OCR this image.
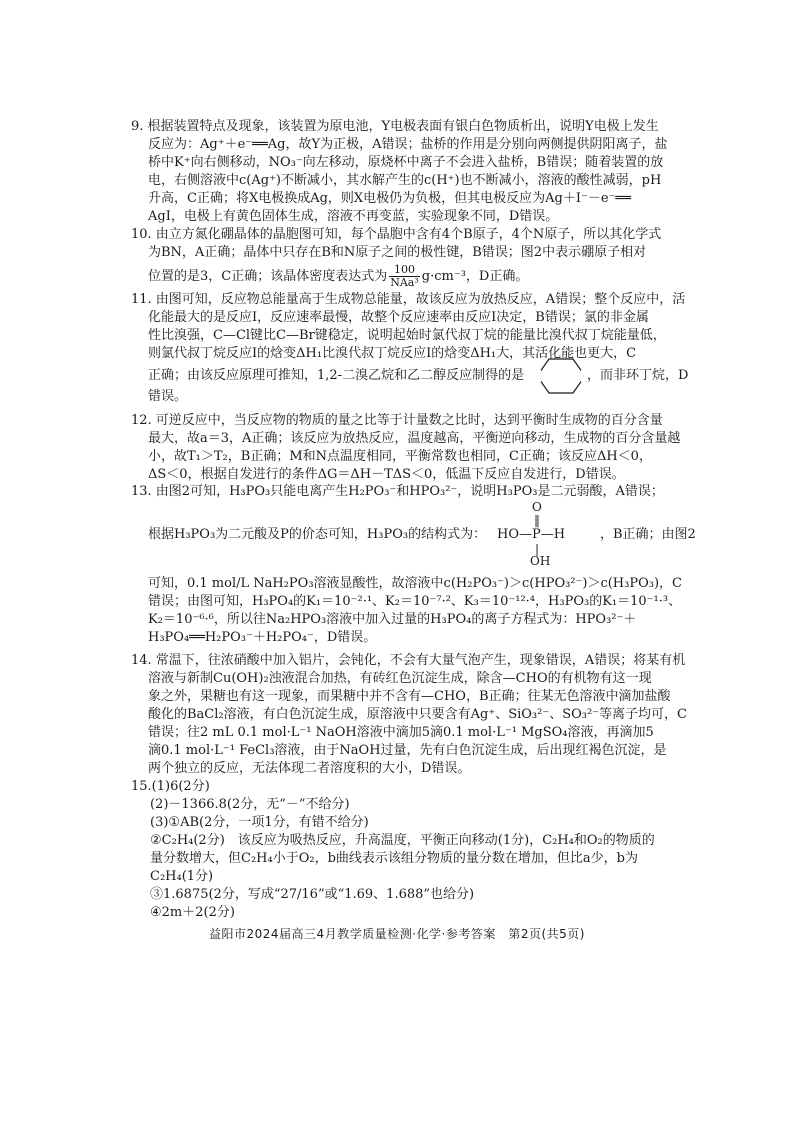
9. 根据装置特点及现象，该装置为原电池，Y电极表面有银白色物质析出，说明Y电极上发生
反应为：Ag⁺＋e⁻══Ag，故Y为正极，A错误；盐桥的作用是分别向两侧提供阴阳离子，盐
桥中K⁺向右侧移动，NO₃⁻向左移动，原烧杯中离子不会进入盐桥，B错误；随着装置的放
电，右侧溶液中c(Ag⁺)不断减小，其水解产生的c(H⁺)也不断减小，溶液的酸性减弱，pH
升高，C正确；将X电极换成Ag，则X电极仍为负极，但其电极反应为Ag＋I⁻－e⁻══
AgI，电极上有黄色固体生成，溶液不再变蓝，实验现象不同，D错误。
10. 由立方氮化硼晶体的晶胞图可知，每个晶胞中含有4个B原子，4个N原子，所以其化学式
为BN，A正确；晶体中只存在B和N原子之间的极性键，B错误；图2中表示硼原子相对
位置的是3，C正确；该晶体密度表达式为 $\frac{100}{\text{NAa³}} g\cdot cm^{-3}$，D正确。
11. 由图可知，反应物总能量高于生成物总能量，故该反应为放热反应，A错误；整个反应中，活
化能最大的是反应Ⅰ，反应速率最慢，故整个反应速率由反应Ⅰ决定，B错误；氯的非金属
性比溴强，C—Cl键比C—Br键稳定，说明起始时氯代叔丁烷的能量比溴代叔丁烷能量低，
则氯代叔丁烷反应Ⅰ的焓变ΔH₁比溴代叔丁烷反应Ⅰ的焓变ΔH₁大，其活化能也更大，C
正确；由该反应原理可推知，1,2-二溴乙烷和乙二醇反应制得的是	，而非环丁烷，D
错误。
12. 可逆反应中，当反应物的物质的量之比等于计量数之比时，达到平衡时生成物的百分含量
最大，故a＝3，A正确；该反应为放热反应，温度越高，平衡逆向移动，生成物的百分含量越
小，故T₁＞T₂，B正确；M和N点温度相同，平衡常数也相同，C正确；该反应ΔH＜0，
ΔS＜0，根据自发进行的条件ΔG＝ΔH－TΔS＜0，低温下反应自发进行，D错误。
13. 由图2可知，H₃PO₃只能电离产生H₂PO₃⁻和HPO₃²⁻，说明H₃PO₃是二元弱酸，A错误；
O
‖
根据H₃PO₃为二元酸及P的价态可知，H₃PO₃的结构式为： HO—P—H	，B正确；由图2
|
OH
可知，0.1 mol/L NaH₂PO₃溶液显酸性，故溶液中c(H₂PO₃⁻)＞c(HPO₃²⁻)＞c(H₃PO₃)，C
错误；由图可知，H₃PO₄的K₁＝10⁻²·¹、K₂＝10⁻⁷·²、K₃＝10⁻¹²·⁴，H₃PO₃的K₁＝10⁻¹·³、
K₂＝10⁻⁶·⁶，所以往Na₂HPO₃溶液中加入过量的H₃PO₄的离子方程式为：HPO₃²⁻＋
H₃PO₄══H₂PO₃⁻＋H₂PO₄⁻，D错误。
14. 常温下，往浓硝酸中加入铝片，会钝化，不会有大量气泡产生，现象错误，A错误；将某有机
溶液与新制Cu(OH)₂浊液混合加热，有砖红色沉淀生成，除含—CHO的有机物有这一现
象之外，果糖也有这一现象，而果糖中并不含有—CHO，B正确；往某无色溶液中滴加盐酸
酸化的BaCl₂溶液，有白色沉淀生成，原溶液中只要含有Ag⁺、SiO₃²⁻、SO₃²⁻等离子均可，C
错误；往2 mL 0.1 mol·L⁻¹ NaOH溶液中滴加5滴0.1 mol·L⁻¹ MgSO₄溶液，再滴加5
滴0.1 mol·L⁻¹ FeCl₃溶液，由于NaOH过量，先有白色沉淀生成，后出现红褐色沉淀，是
两个独立的反应，无法体现二者溶度积的大小，D错误。
15.(1)6(2分)
(2)－1366.8(2分，无“－”不给分)
(3)①AB(2分，一项1分，有错不给分)
②C₂H₄(2分)　该反应为吸热反应，升高温度，平衡正向移动(1分)，C₂H₄和O₂的物质的
量分数增大，但C₂H₄小于O₂，b曲线表示该组分物质的量分数在增加，但比a少，b为
C₂H₄(1分)
③1.6875(2分，写成“27/16”或“1.69、1.688”也给分)
④2m＋2(2分)
益阳市2024届高三4月教学质量检测·化学·参考答案　第2页(共5页)
